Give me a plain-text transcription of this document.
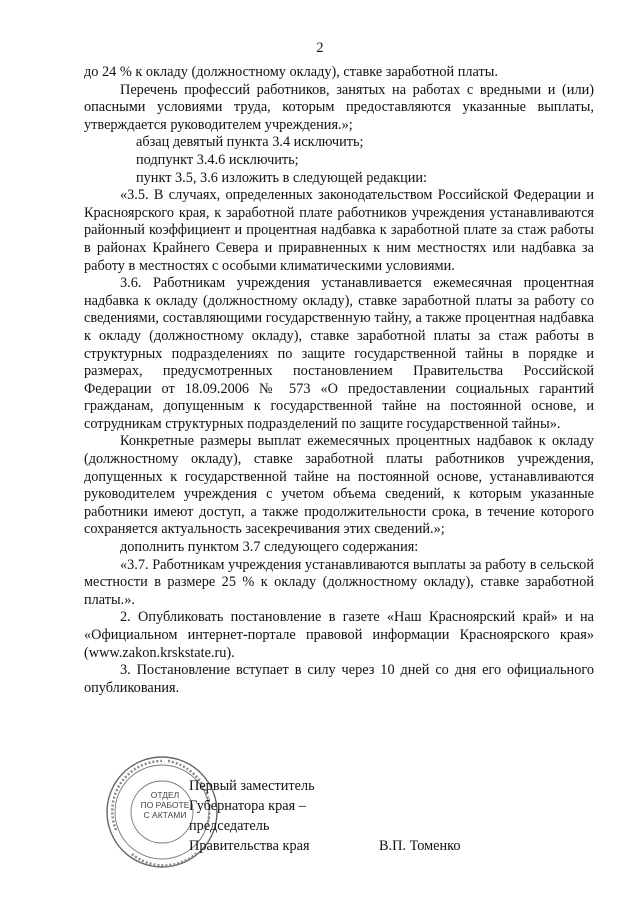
2

до 24 % к окладу (должностному окладу), ставке заработной платы.

Перечень профессий работников, занятых на работах с вредными и (или) опасными условиями труда, которым предоставляются указанные выплаты, утверждается руководителем учреждения.»;

абзац девятый пункта 3.4 исключить;

подпункт 3.4.6 исключить;

пункт 3.5, 3.6 изложить в следующей редакции:

«3.5. В случаях, определенных законодательством Российской Федерации и Красноярского края, к заработной плате работников учреждения устанавливаются районный коэффициент и процентная надбавка к заработной плате за стаж работы в районах Крайнего Севера и приравненных к ним местностях или надбавка за работу в местностях с особыми климатическими условиями.

3.6. Работникам учреждения устанавливается ежемесячная процентная надбавка к окладу (должностному окладу), ставке заработной платы за работу со сведениями, составляющими государственную тайну, а также процентная надбавка к окладу (должностному окладу), ставке заработной платы за стаж работы в структурных подразделениях по защите государственной тайны в порядке и размерах, предусмотренных постановлением Правительства Российской Федерации от 18.09.2006 № 573 «О предоставлении социальных гарантий гражданам, допущенным к государственной тайне на постоянной основе, и сотрудникам структурных подразделений по защите государственной тайны».

Конкретные размеры выплат ежемесячных процентных надбавок к окладу (должностному окладу), ставке заработной платы работников учреждения, допущенных к государственной тайне на постоянной основе, устанавливаются руководителем учреждения с учетом объема сведений, к которым указанные работники имеют доступ, а также продолжительности срока, в течение которого сохраняется актуальность засекречивания этих сведений.»;

дополнить пунктом 3.7 следующего содержания:

«3.7. Работникам учреждения устанавливаются выплаты за работу в сельской местности в размере 25 % к окладу (должностному окладу), ставке заработной платы.».

2. Опубликовать постановление в газете «Наш Красноярский край» и на «Официальном интернет-портале правовой информации Красноярского края» (www.zakon.krskstate.ru).

3. Постановление вступает в силу через 10 дней со дня его официального опубликования.

ОТДЕЛ
ПО РАБОТЕ
С АКТАМИ
Первый заместитель
Губернатора края –
председатель
Правительства края	В.П. Томенко
